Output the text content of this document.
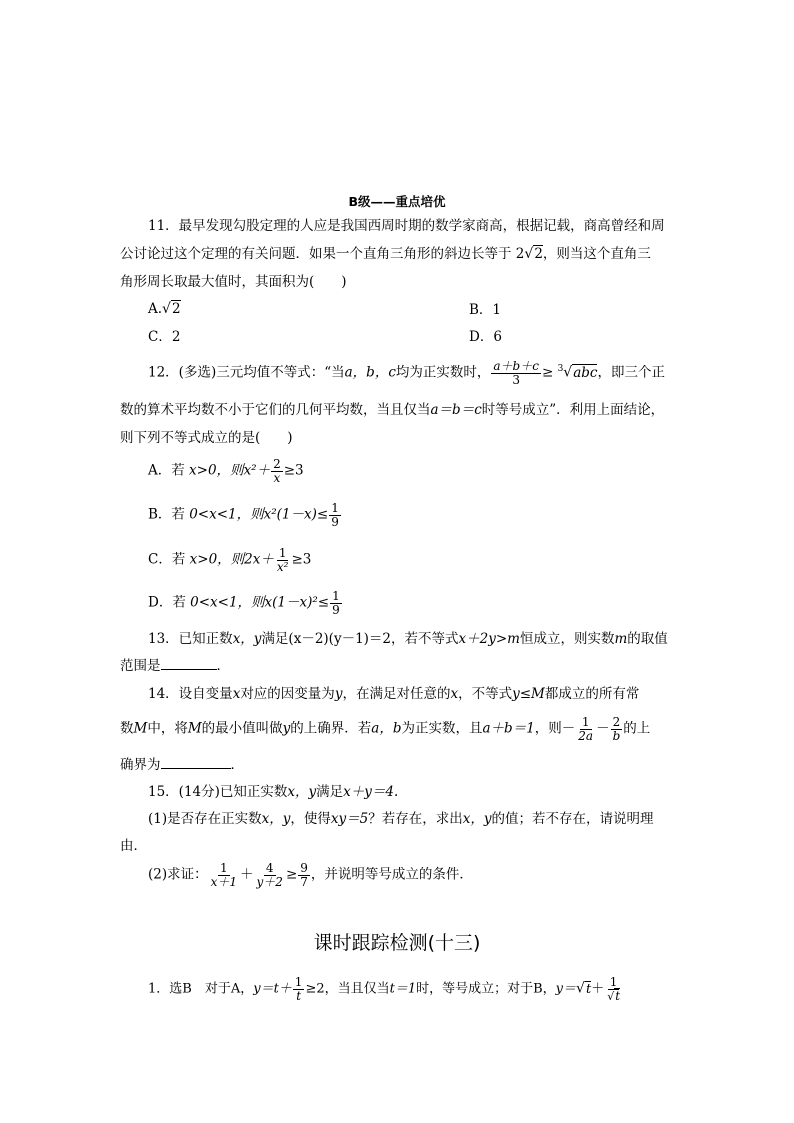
B级——重点培优
11．最早发现勾股定理的人应是我国西周时期的数学家商高，根据记载，商高曾经和周
公讨论过这个定理的有关问题．如果一个直角三角形的斜边长等于 2√2，则当这个直角三
角形周长取最大值时，其面积为(　　)
A.√2	B．1
C．2	D．6
12．(多选)三元均值不等式：“当a，b，c均为正实数时， $\frac{a+b+c}{3} \ge ^3√abc$，即三个正
数的算术平均数不小于它们的几何平均数，当且仅当a＝b＝c时等号成立”．利用上面结论，
则下列不等式成立的是(　　)
A．若 x>0，则$x^2+ \frac{2}{x} \ge 3$
B．若 0<x<1，则$x^2(1-x)\le \frac{1}{9}$
C．若 x>0，则$2x+ \frac{1}{\text{x²}} \ge 3$
D．若 0<x<1，则$x(1-x)^2\le \frac{1}{9}$
13．已知正数x，y满足(x－2)(y－1)＝2，若不等式x＋2y>m恒成立，则实数m的取值
范围是	．
14．设自变量x对应的因变量为y，在满足对任意的x，不等式y≤M都成立的所有常
数M中，将M的最小值叫做y的上确界．若a，b为正实数，且a＋b＝1，则－ $\frac{1}{2a} - \frac{2}{b}$ 的上
确界为	．
15．(14分)已知正实数x，y满足x＋y＝4.
(1)是否存在正实数x，y，使得xy＝5？若存在，求出x，y的值；若不存在，请说明理
由．
(2)求证： $\frac{1}{x+1} + \frac{4}{y+2} \ge \frac{9}{7}$ ，并说明等号成立的条件．
课时跟踪检测(十三)
1．选B　对于A，$y=t+ \frac{1}{t} \ge 2$，当且仅当t＝1时，等号成立；对于B，$y=√t+ \frac{1}{√t}$
